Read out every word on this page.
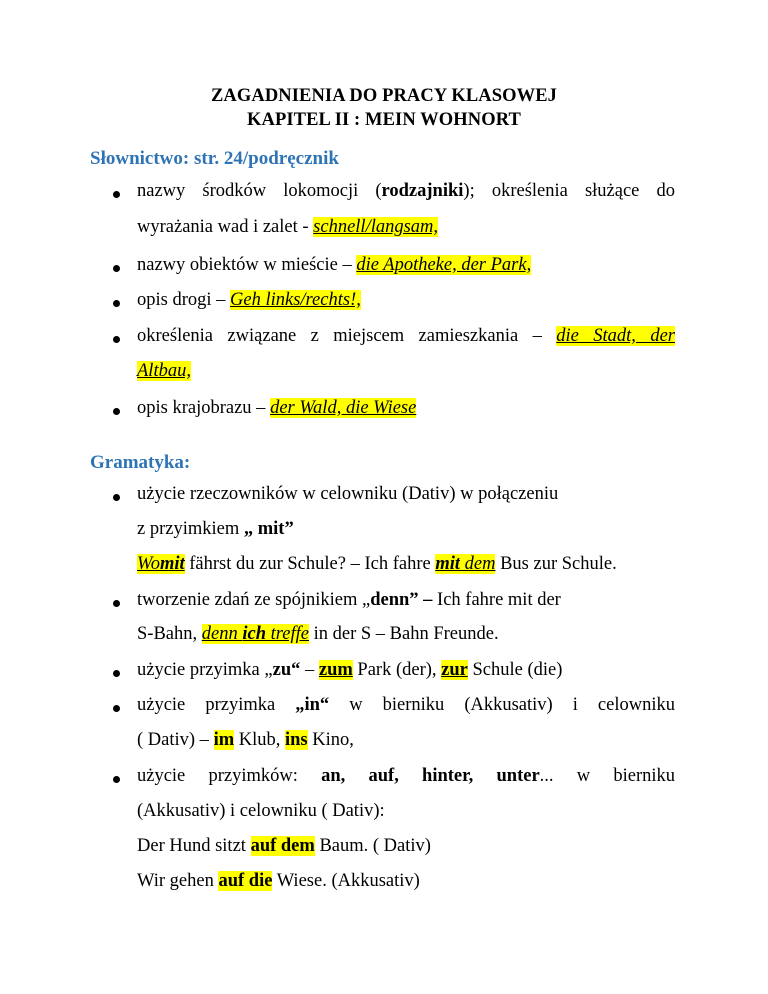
ZAGADNIENIA DO PRACY KLASOWEJ
KAPITEL II : MEIN WOHNORT
Słownictwo: str. 24/podręcznik
nazwy środków lokomocji (rodzajniki); określenia służące do
wyrażania wad i zalet - schnell/langsam,
nazwy obiektów w mieście – die Apotheke, der Park,
opis drogi – Geh links/rechts!,
określenia związane z miejscem zamieszkania – die Stadt, der
Altbau,
opis krajobrazu – der Wald, die Wiese
Gramatyka:
użycie rzeczowników w celowniku (Dativ) w połączeniu
z przyimkiem „ mit”
Womit fährst du zur Schule? – Ich fahre mit dem Bus zur Schule.
tworzenie zdań ze spójnikiem „denn” – Ich fahre mit der
S-Bahn, denn ich treffe in der S – Bahn Freunde.
użycie przyimka „zu“ – zum Park (der), zur Schule (die)
użycie przyimka „in“ w bierniku (Akkusativ) i celowniku
( Dativ) – im Klub, ins Kino,
użycie przyimków: an, auf, hinter, unter... w bierniku
(Akkusativ) i celowniku ( Dativ):
Der Hund sitzt auf dem Baum. ( Dativ)
Wir gehen auf die Wiese. (Akkusativ)
